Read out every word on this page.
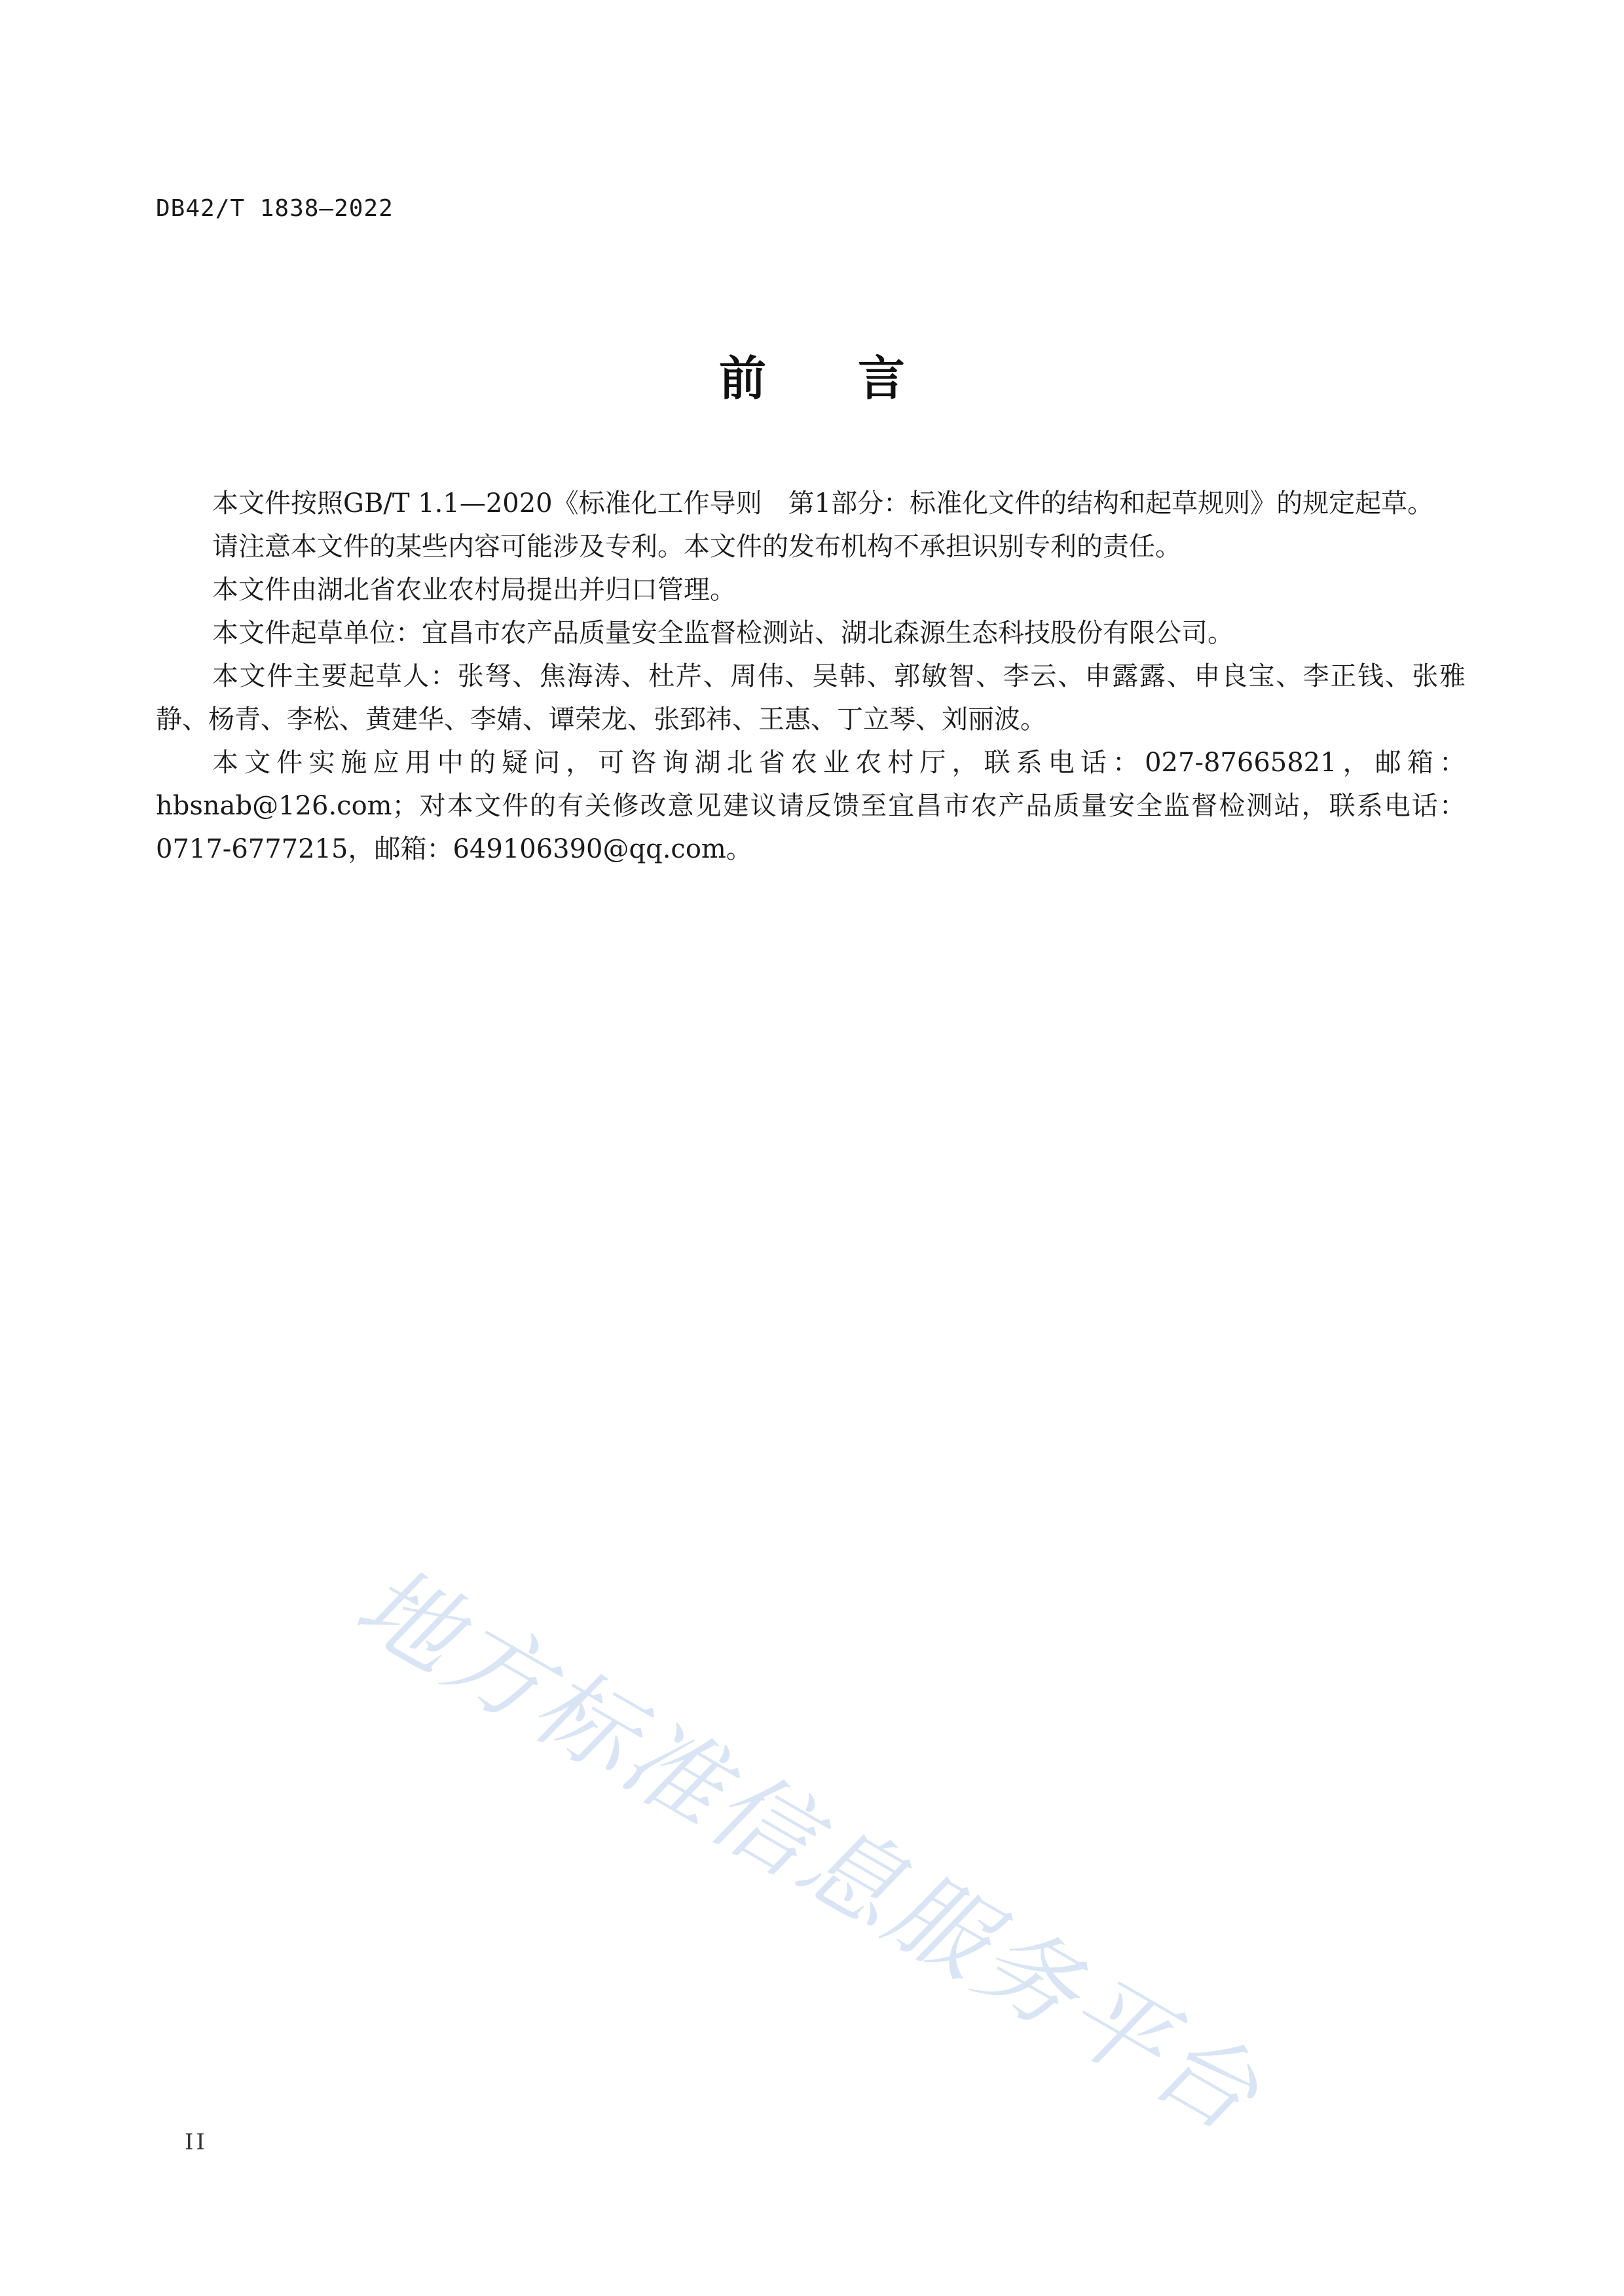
DB42/T 1838—2022
前言

本文件按照GB/T 1.1—2020《标准化工作导则　第1部分：标准化文件的结构和起草规则》的规定起草。

请注意本文件的某些内容可能涉及专利。本文件的发布机构不承担识别专利的责任。

本文件由湖北省农业农村局提出并归口管理。

本文件起草单位：宜昌市农产品质量安全监督检测站、湖北森源生态科技股份有限公司。

本文件主要起草人：张弩、焦海涛、杜芹、周伟、吴韩、郭敏智、李云、申露露、申良宝、李正钱、张雅静、杨青、李松、黄建华、李婧、谭荣龙、张郅祎、王惠、丁立琴、刘丽波。

本文件实施应用中的疑问，可咨询湖北省农业农村厅，联系电话：027-87665821，邮箱：hbsnab@126.com；对本文件的有关修改意见建议请反馈至宜昌市农产品质量安全监督检测站，联系电话：0717-6777215，邮箱：649106390@qq.com。

地方标准信息服务平台
II
